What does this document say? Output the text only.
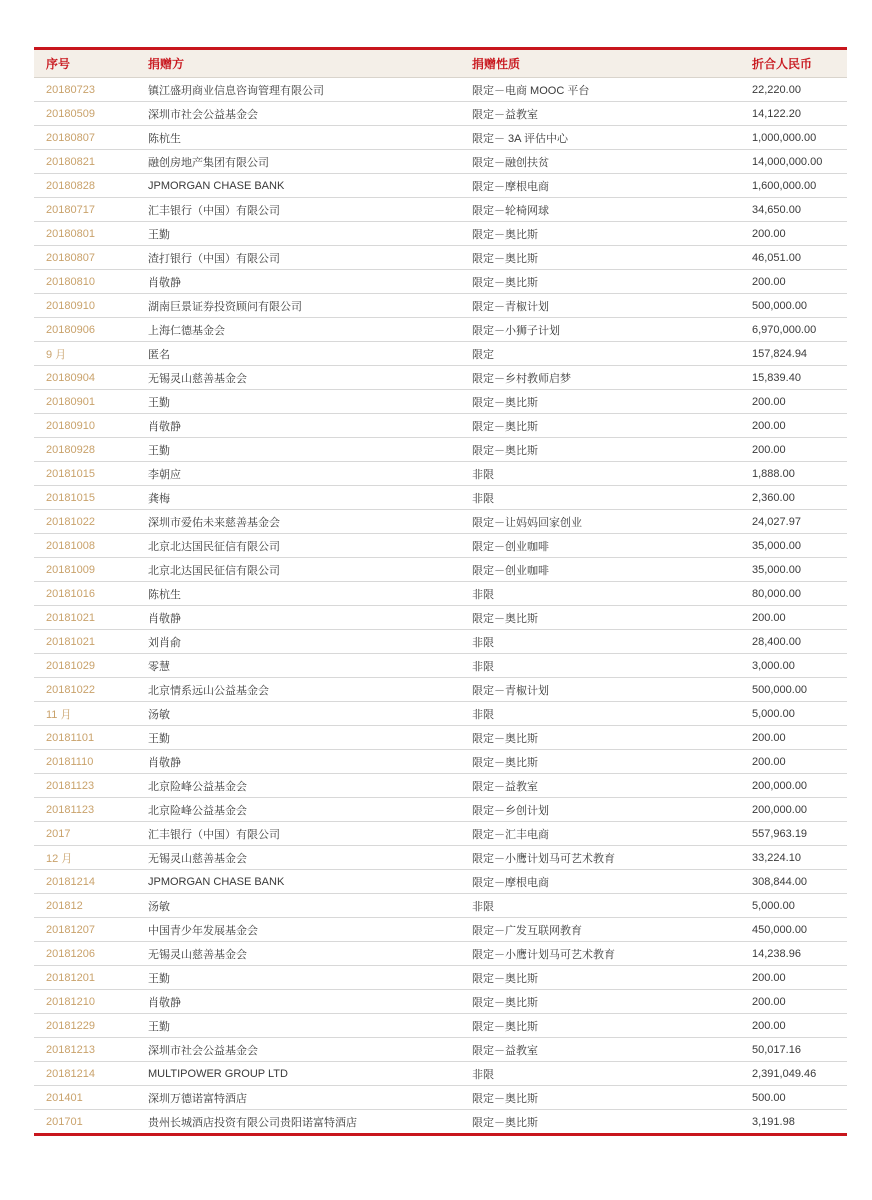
序号	捐赠方	捐赠性质	折合人民币
20180723	镇江盛玥商业信息咨询管理有限公司	限定－电商 MOOC 平台	22,220.00
20180509	深圳市社会公益基金会	限定－益教室	14,122.20
20180807	陈杭生	限定－ 3A 评估中心	1,000,000.00
20180821	融创房地产集团有限公司	限定－融创扶贫	14,000,000.00
20180828	JPMORGAN CHASE BANK	限定－摩根电商	1,600,000.00
20180717	汇丰银行（中国）有限公司	限定－轮椅网球	34,650.00
20180801	王勤	限定－奥比斯	200.00
20180807	渣打银行（中国）有限公司	限定－奥比斯	46,051.00
20180810	肖敬静	限定－奥比斯	200.00
20180910	湖南巨景证券投资顾问有限公司	限定－青椒计划	500,000.00
20180906	上海仁德基金会	限定－小狮子计划	6,970,000.00
9 月	匿名	限定	157,824.94
20180904	无锡灵山慈善基金会	限定－乡村教师启梦	15,839.40
20180901	王勤	限定－奥比斯	200.00
20180910	肖敬静	限定－奥比斯	200.00
20180928	王勤	限定－奥比斯	200.00
20181015	李朝应	非限	1,888.00
20181015	龚梅	非限	2,360.00
20181022	深圳市爱佑未来慈善基金会	限定－让妈妈回家创业	24,027.97
20181008	北京北达国民征信有限公司	限定－创业咖啡	35,000.00
20181009	北京北达国民征信有限公司	限定－创业咖啡	35,000.00
20181016	陈杭生	非限	80,000.00
20181021	肖敬静	限定－奥比斯	200.00
20181021	刘肖俞	非限	28,400.00
20181029	零慧	非限	3,000.00
20181022	北京情系远山公益基金会	限定－青椒计划	500,000.00
11 月	汤敏	非限	5,000.00
20181101	王勤	限定－奥比斯	200.00
20181110	肖敬静	限定－奥比斯	200.00
20181123	北京险峰公益基金会	限定－益教室	200,000.00
20181123	北京险峰公益基金会	限定－乡创计划	200,000.00
2017	汇丰银行（中国）有限公司	限定－汇丰电商	557,963.19
12 月	无锡灵山慈善基金会	限定－小鹰计划马可艺术教育	33,224.10
20181214	JPMORGAN CHASE BANK	限定－摩根电商	308,844.00
201812	汤敏	非限	5,000.00
20181207	中国青少年发展基金会	限定－广发互联网教育	450,000.00
20181206	无锡灵山慈善基金会	限定－小鹰计划马可艺术教育	14,238.96
20181201	王勤	限定－奥比斯	200.00
20181210	肖敬静	限定－奥比斯	200.00
20181229	王勤	限定－奥比斯	200.00
20181213	深圳市社会公益基金会	限定－益教室	50,017.16
20181214	MULTIPOWER GROUP LTD	非限	2,391,049.46
201401	深圳万德诺富特酒店	限定－奥比斯	500.00
201701	贵州长城酒店投资有限公司贵阳诺富特酒店	限定－奥比斯	3,191.98
